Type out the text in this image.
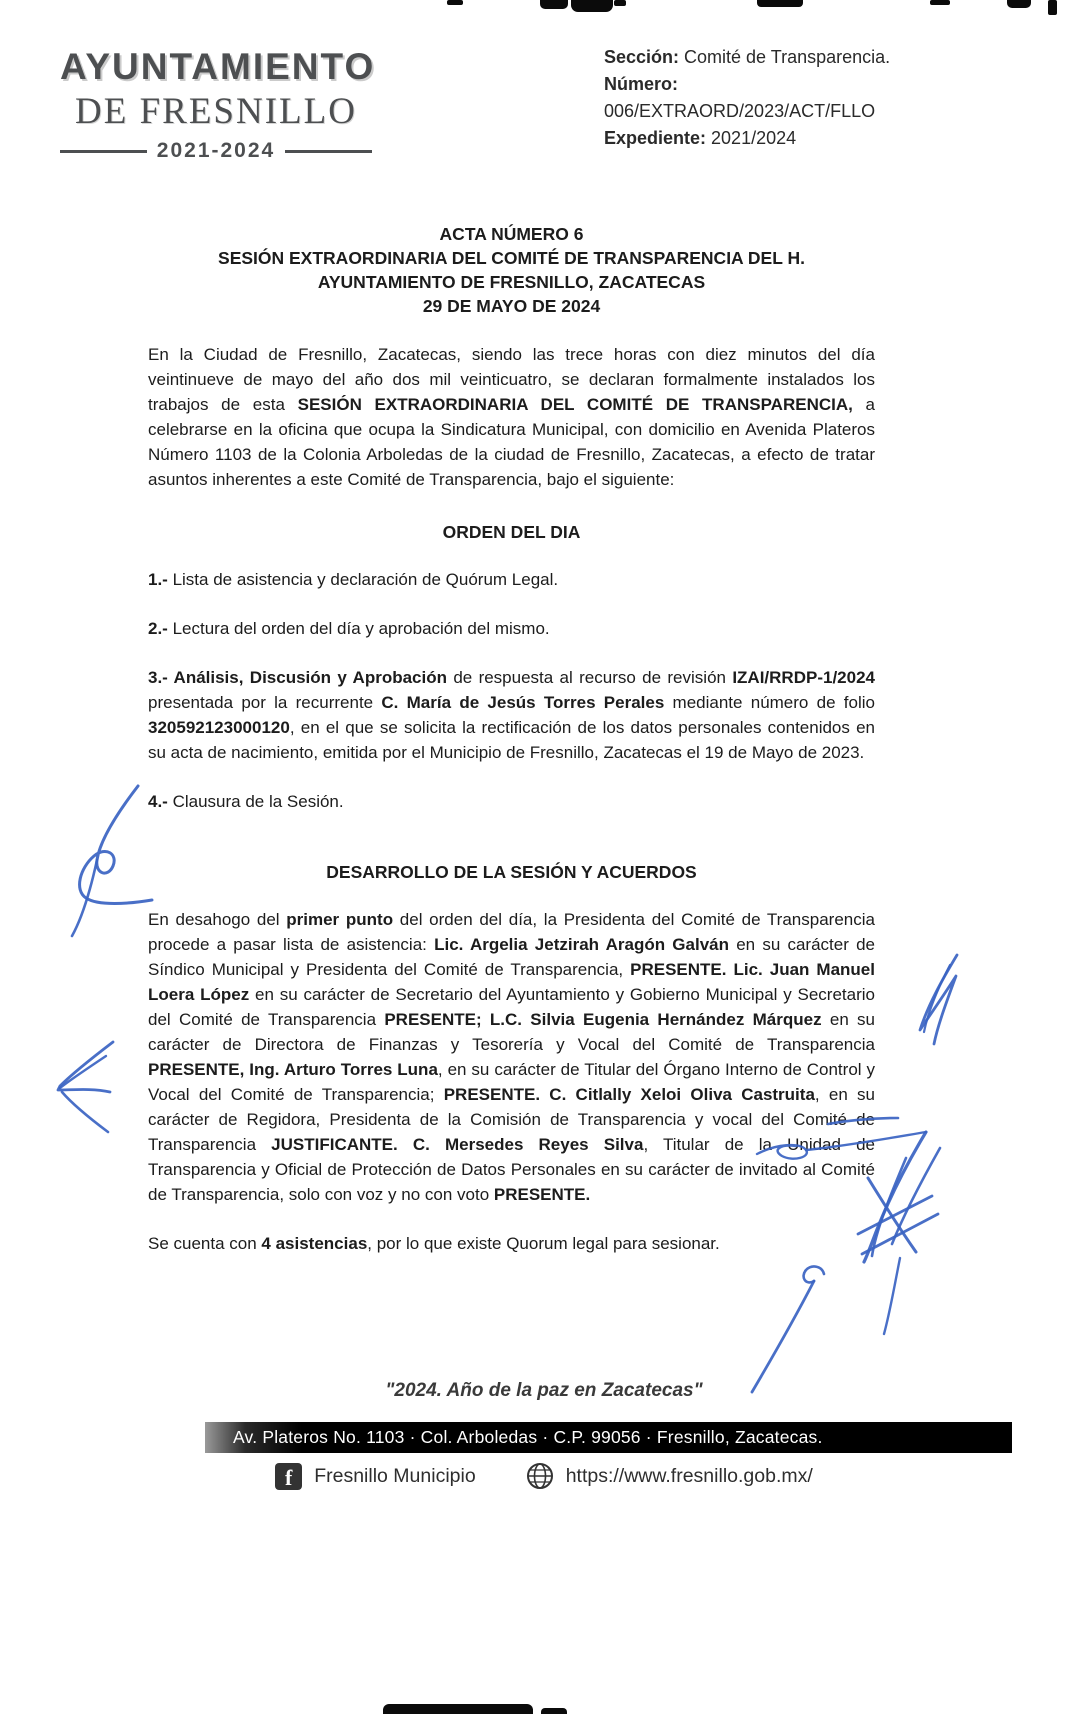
AYUNTAMIENTO
DE FRESNILLO
2021-2024
Sección: Comité de Transparencia.
Número:
006/EXTRAORD/2023/ACT/FLLO
Expediente: 2021/2024
ACTA NÚMERO 6
SESIÓN EXTRAORDINARIA DEL COMITÉ DE TRANSPARENCIA DEL H.
AYUNTAMIENTO DE FRESNILLO, ZACATECAS
29 DE MAYO DE 2024

En la Ciudad de Fresnillo, Zacatecas, siendo las trece horas con diez minutos del día veintinueve de mayo del año dos mil veinticuatro, se declaran formalmente instalados los trabajos de esta SESIÓN EXTRAORDINARIA DEL COMITÉ DE TRANSPARENCIA, a celebrarse en la oficina que ocupa la Sindicatura Municipal, con domicilio en Avenida Plateros Número 1103 de la Colonia Arboledas de la ciudad de Fresnillo, Zacatecas, a efecto de tratar asuntos inherentes a este Comité de Transparencia, bajo el siguiente:

ORDEN DEL DIA

1.- Lista de asistencia y declaración de Quórum Legal.

2.- Lectura del orden del día y aprobación del mismo.

3.- Análisis, Discusión y Aprobación de respuesta al recurso de revisión IZAI/RRDP-1/2024 presentada por la recurrente C. María de Jesús Torres Perales mediante número de folio 320592123000120, en el que se solicita la rectificación de los datos personales contenidos en su acta de nacimiento, emitida por el Municipio de Fresnillo, Zacatecas el 19 de Mayo de 2023.

4.- Clausura de la Sesión.

DESARROLLO DE LA SESIÓN Y ACUERDOS

En desahogo del primer punto del orden del día, la Presidenta del Comité de Transparencia procede a pasar lista de asistencia: Lic. Argelia Jetzirah Aragón Galván en su carácter de Síndico Municipal y Presidenta del Comité de Transparencia, PRESENTE. Lic. Juan Manuel Loera López en su carácter de Secretario del Ayuntamiento y Gobierno Municipal y Secretario del Comité de Transparencia PRESENTE; L.C. Silvia Eugenia Hernández Márquez en su carácter de Directora de Finanzas y Tesorería y Vocal del Comité de Transparencia PRESENTE, Ing. Arturo Torres Luna, en su carácter de Titular del Órgano Interno de Control y Vocal del Comité de Transparencia; PRESENTE. C. Citlally Xeloi Oliva Castruita, en su carácter de Regidora, Presidenta de la Comisión de Transparencia y vocal del Comité de Transparencia JUSTIFICANTE. C. Mersedes Reyes Silva, Titular de la Unidad de Transparencia y Oficial de Protección de Datos Personales en su carácter de invitado al Comité de Transparencia, solo con voz y no con voto PRESENTE.

Se cuenta con 4 asistencias, por lo que existe Quorum legal para sesionar.

"2024. Año de la paz en Zacatecas"
Av. Plateros No. 1103 · Col. Arboledas · C.P. 99056 · Fresnillo, Zacatecas.
f	Fresnillo Municipio	https://www.fresnillo.gob.mx/
